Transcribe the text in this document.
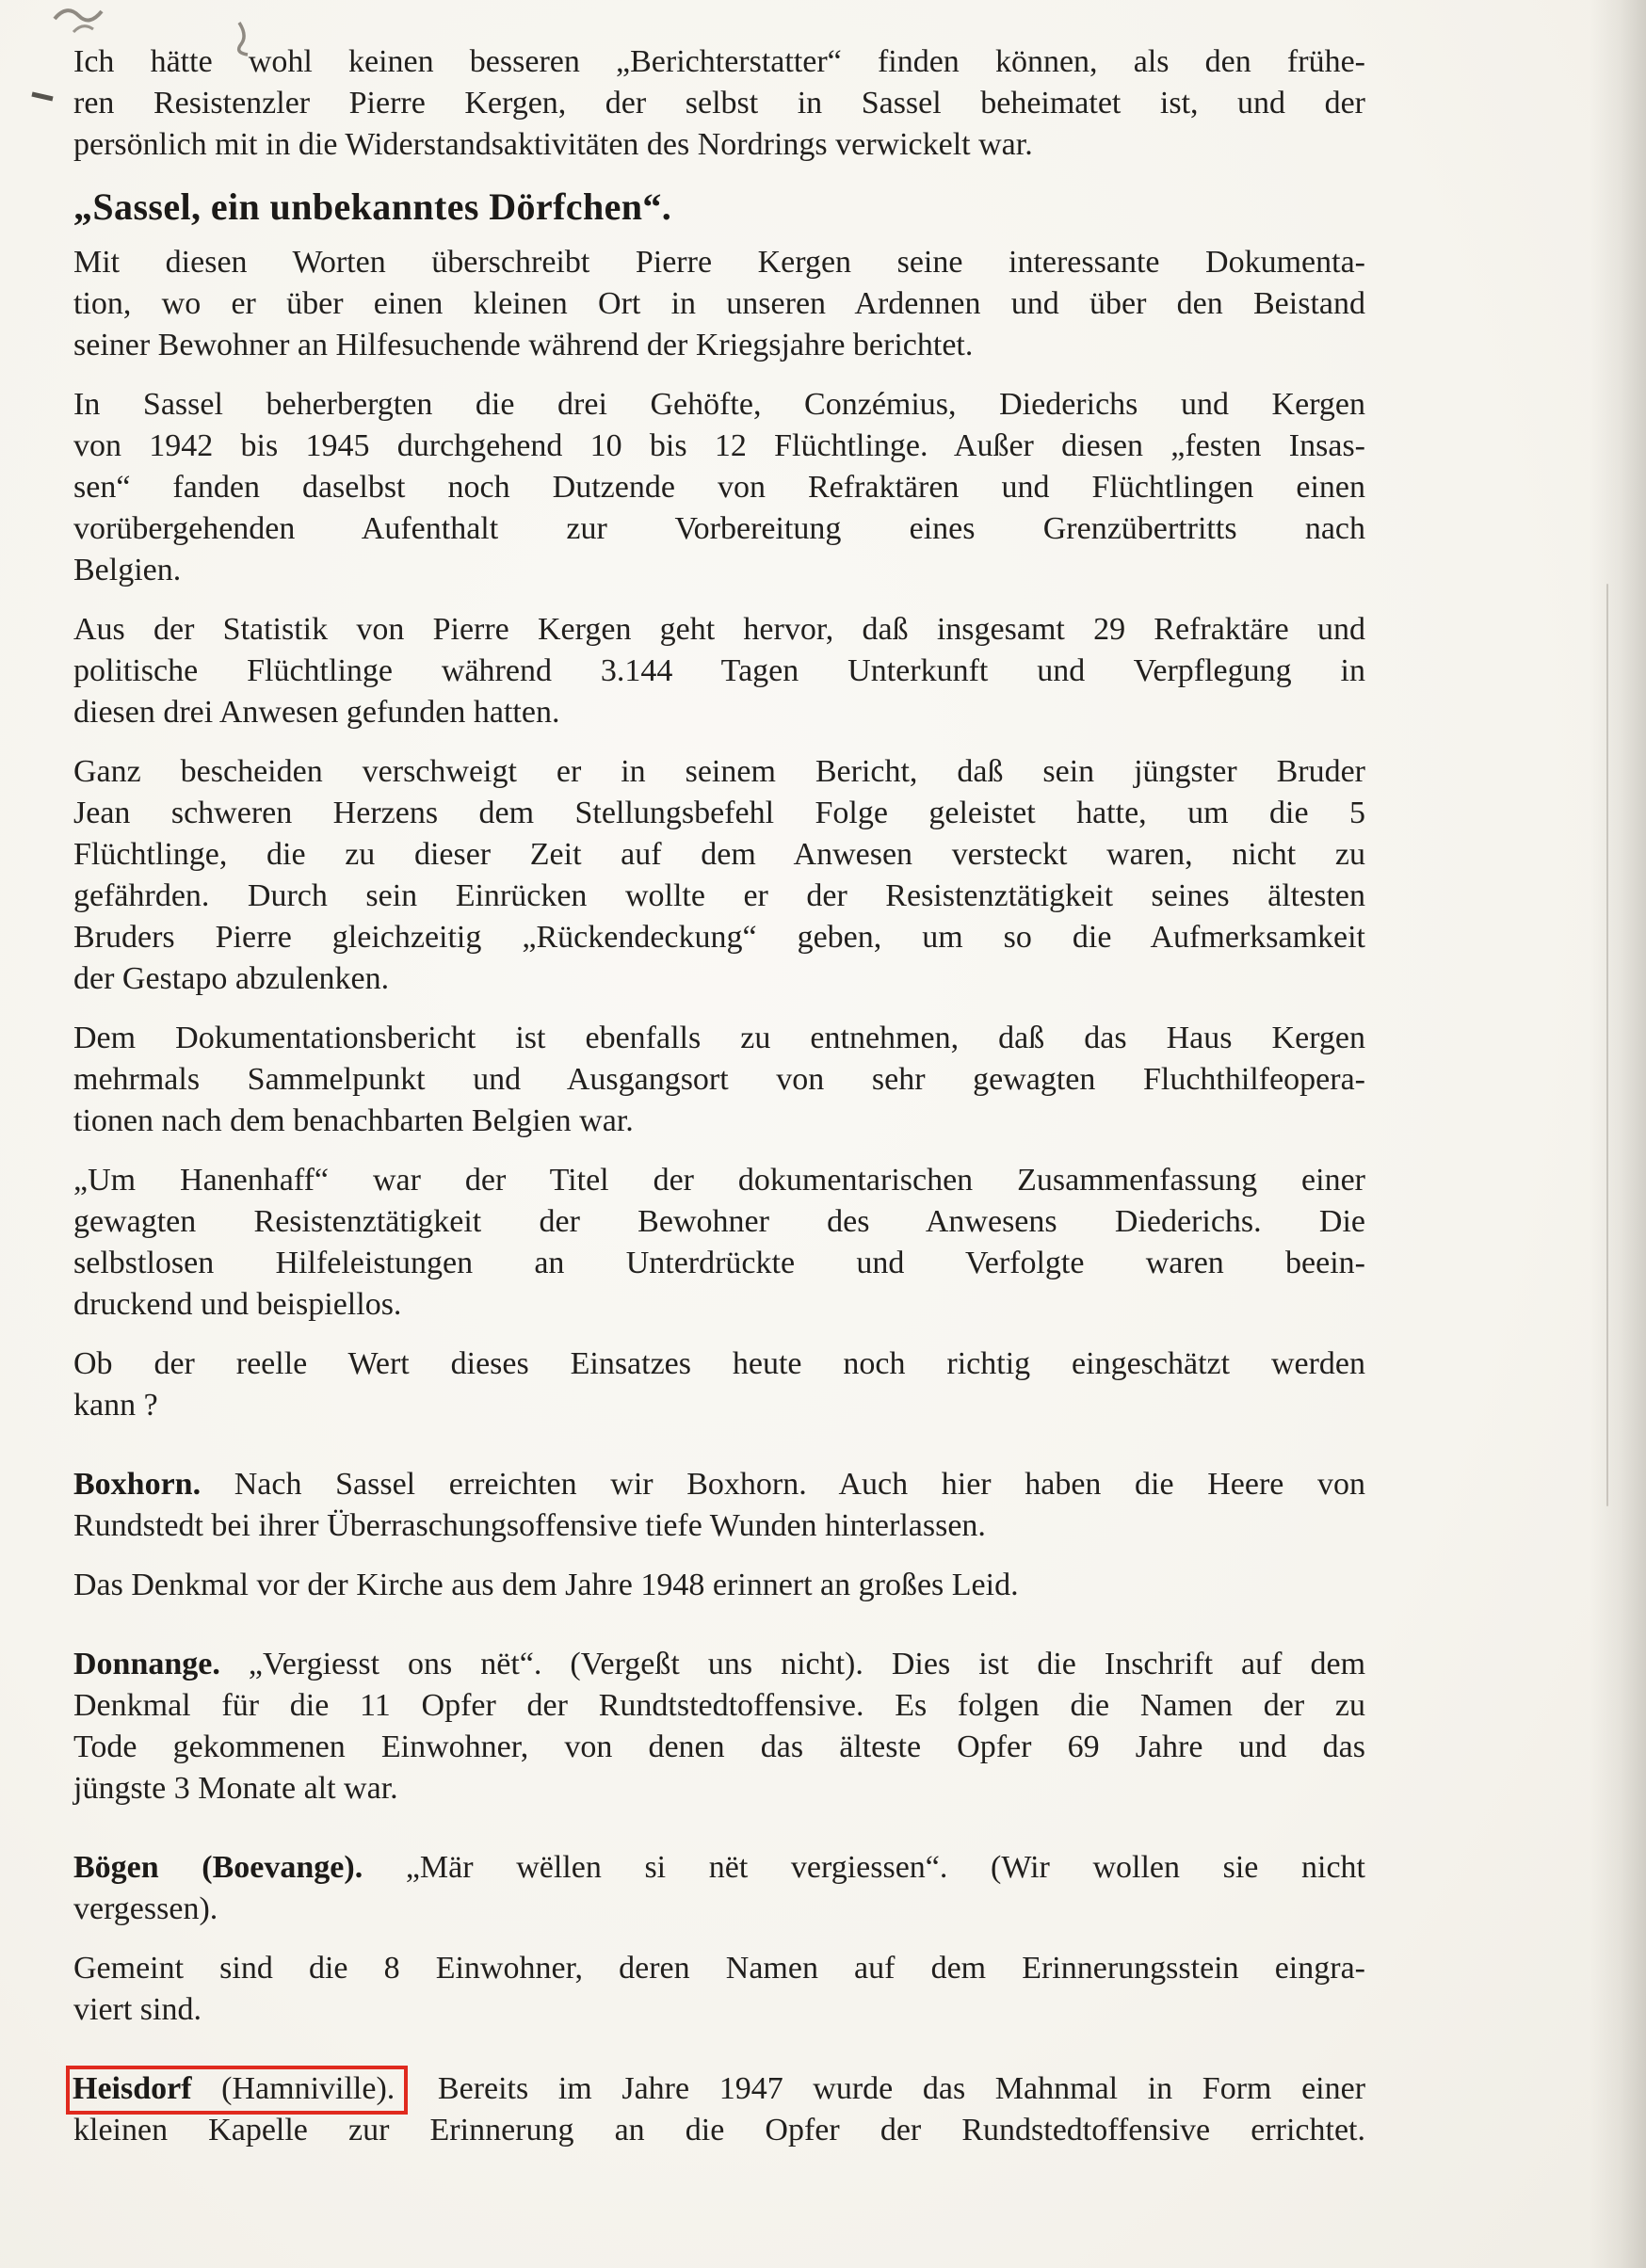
Ich hätte wohl keinen besseren „Berichterstatter“ finden können, als den frühe-
ren Resistenzler Pierre Kergen, der selbst in Sassel beheimatet ist, und der
persönlich mit in die Widerstandsaktivitäten des Nordrings verwickelt war.

„Sassel, ein unbekanntes Dörfchen“.

Mit diesen Worten überschreibt Pierre Kergen seine interessante Dokumenta-
tion, wo er über einen kleinen Ort in unseren Ardennen und über den Beistand
seiner Bewohner an Hilfesuchende während der Kriegsjahre berichtet.

In Sassel beherbergten die drei Gehöfte, Conzémius, Diederichs und Kergen
von 1942 bis 1945 durchgehend 10 bis 12 Flüchtlinge. Außer diesen „festen Insas-
sen“ fanden daselbst noch Dutzende von Refraktären und Flüchtlingen einen
vorübergehenden Aufenthalt zur Vorbereitung eines Grenzübertritts nach
Belgien.

Aus der Statistik von Pierre Kergen geht hervor, daß insgesamt 29 Refraktäre und
politische Flüchtlinge während 3.144 Tagen Unterkunft und Verpflegung in
diesen drei Anwesen gefunden hatten.

Ganz bescheiden verschweigt er in seinem Bericht, daß sein jüngster Bruder
Jean schweren Herzens dem Stellungsbefehl Folge geleistet hatte, um die 5
Flüchtlinge, die zu dieser Zeit auf dem Anwesen versteckt waren, nicht zu
gefährden. Durch sein Einrücken wollte er der Resistenztätigkeit seines ältesten
Bruders Pierre gleichzeitig „Rückendeckung“ geben, um so die Aufmerksamkeit
der Gestapo abzulenken.

Dem Dokumentationsbericht ist ebenfalls zu entnehmen, daß das Haus Kergen
mehrmals Sammelpunkt und Ausgangsort von sehr gewagten Fluchthilfeopera-
tionen nach dem benachbarten Belgien war.

„Um Hanenhaff“ war der Titel der dokumentarischen Zusammenfassung einer
gewagten Resistenztätigkeit der Bewohner des Anwesens Diederichs. Die
selbstlosen Hilfeleistungen an Unterdrückte und Verfolgte waren beein-
druckend und beispiellos.

Ob der reelle Wert dieses Einsatzes heute noch richtig eingeschätzt werden
kann ?

Boxhorn. Nach Sassel erreichten wir Boxhorn. Auch hier haben die Heere von
Rundstedt bei ihrer Überraschungsoffensive tiefe Wunden hinterlassen.

Das Denkmal vor der Kirche aus dem Jahre 1948 erinnert an großes Leid.

Donnange. „Vergiesst ons nët“. (Vergeßt uns nicht). Dies ist die Inschrift auf dem
Denkmal für die 11 Opfer der Rundtstedtoffensive. Es folgen die Namen der zu
Tode gekommenen Einwohner, von denen das älteste Opfer 69 Jahre und das
jüngste 3 Monate alt war.

Bögen (Boevange). „Mär wëllen si nët vergiessen“. (Wir wollen sie nicht
vergessen).

Gemeint sind die 8 Einwohner, deren Namen auf dem Erinnerungsstein eingra-
viert sind.

Heisdorf (Hamniville). Bereits im Jahre 1947 wurde das Mahnmal in Form einer
kleinen Kapelle zur Erinnerung an die Opfer der Rundstedtoffensive errichtet.
